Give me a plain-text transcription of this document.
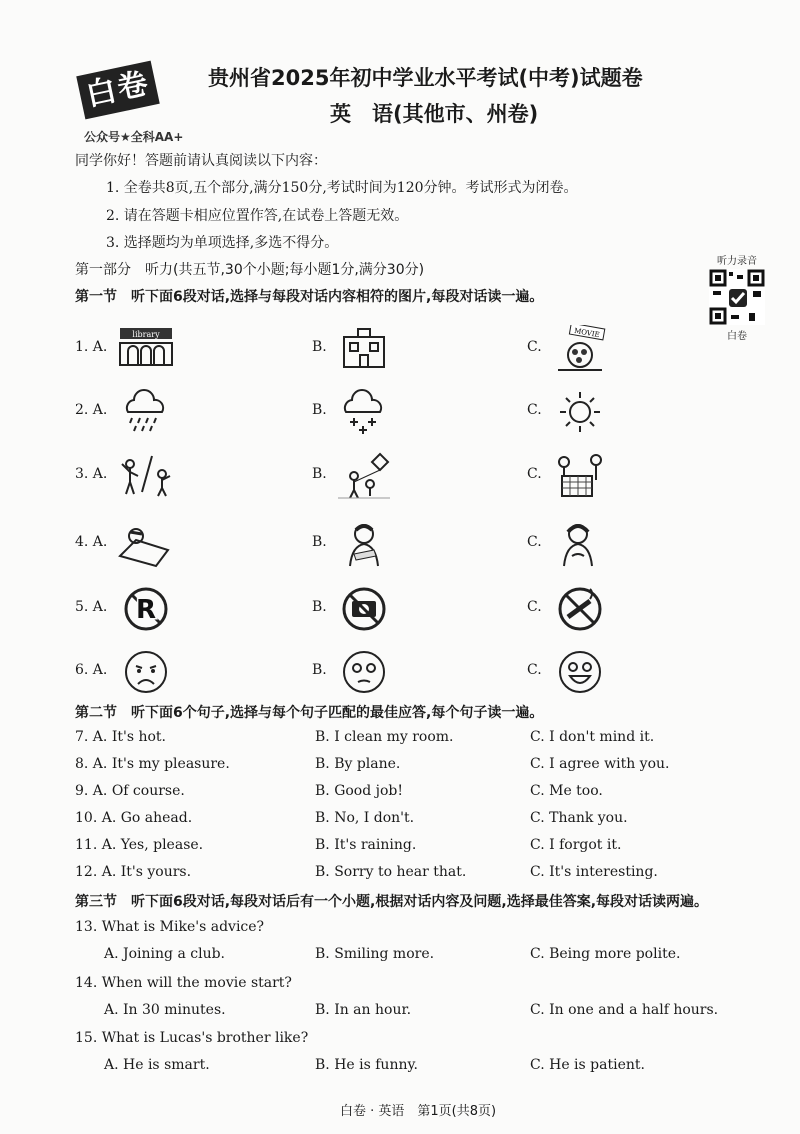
白卷
公众号★全科AA+
贵州省2025年初中学业水平考试(中考)试题卷
英　语(其他市、州卷)
同学你好！答题前请认真阅读以下内容：
1. 全卷共8页,五个部分,满分150分,考试时间为120分钟。考试形式为闭卷。
2. 请在答题卡相应位置作答,在试卷上答题无效。
3. 选择题均为单项选择,多选不得分。
第一部分　听力(共五节,30个小题;每小题1分,满分30分)
第一节　听下面6段对话,选择与每段对话内容相符的图片,每段对话读一遍。
听力录音
白卷
第二节　听下面6个句子,选择与每个句子匹配的最佳应答,每个句子读一遍。
第三节　听下面6段对话,每段对话后有一个小题,根据对话内容及问题,选择最佳答案,每段对话读两遍。
白卷 · 英语　第1页(共8页)
1. A.	B.	C.
library	MOVIE
2. A.	B.	C.
3. A.	B.	C.
4. A.	B.	C.
5. A.	B.	C.
R
6. A.	B.	C.
7. A. It's hot.	B. I clean my room.	C. I don't mind it.
8. A. It's my pleasure.	B. By plane.	C. I agree with you.
9. A. Of course.	B. Good job!	C. Me too.
10. A. Go ahead.	B. No, I don't.	C. Thank you.
11. A. Yes, please.	B. It's raining.	C. I forgot it.
12. A. It's yours.	B. Sorry to hear that.	C. It's interesting.
13. What is Mike's advice?
A. Joining a club.	B. Smiling more.	C. Being more polite.
14. When will the movie start?
A. In 30 minutes.	B. In an hour.	C. In one and a half hours.
15. What is Lucas's brother like?
A. He is smart.	B. He is funny.	C. He is patient.
